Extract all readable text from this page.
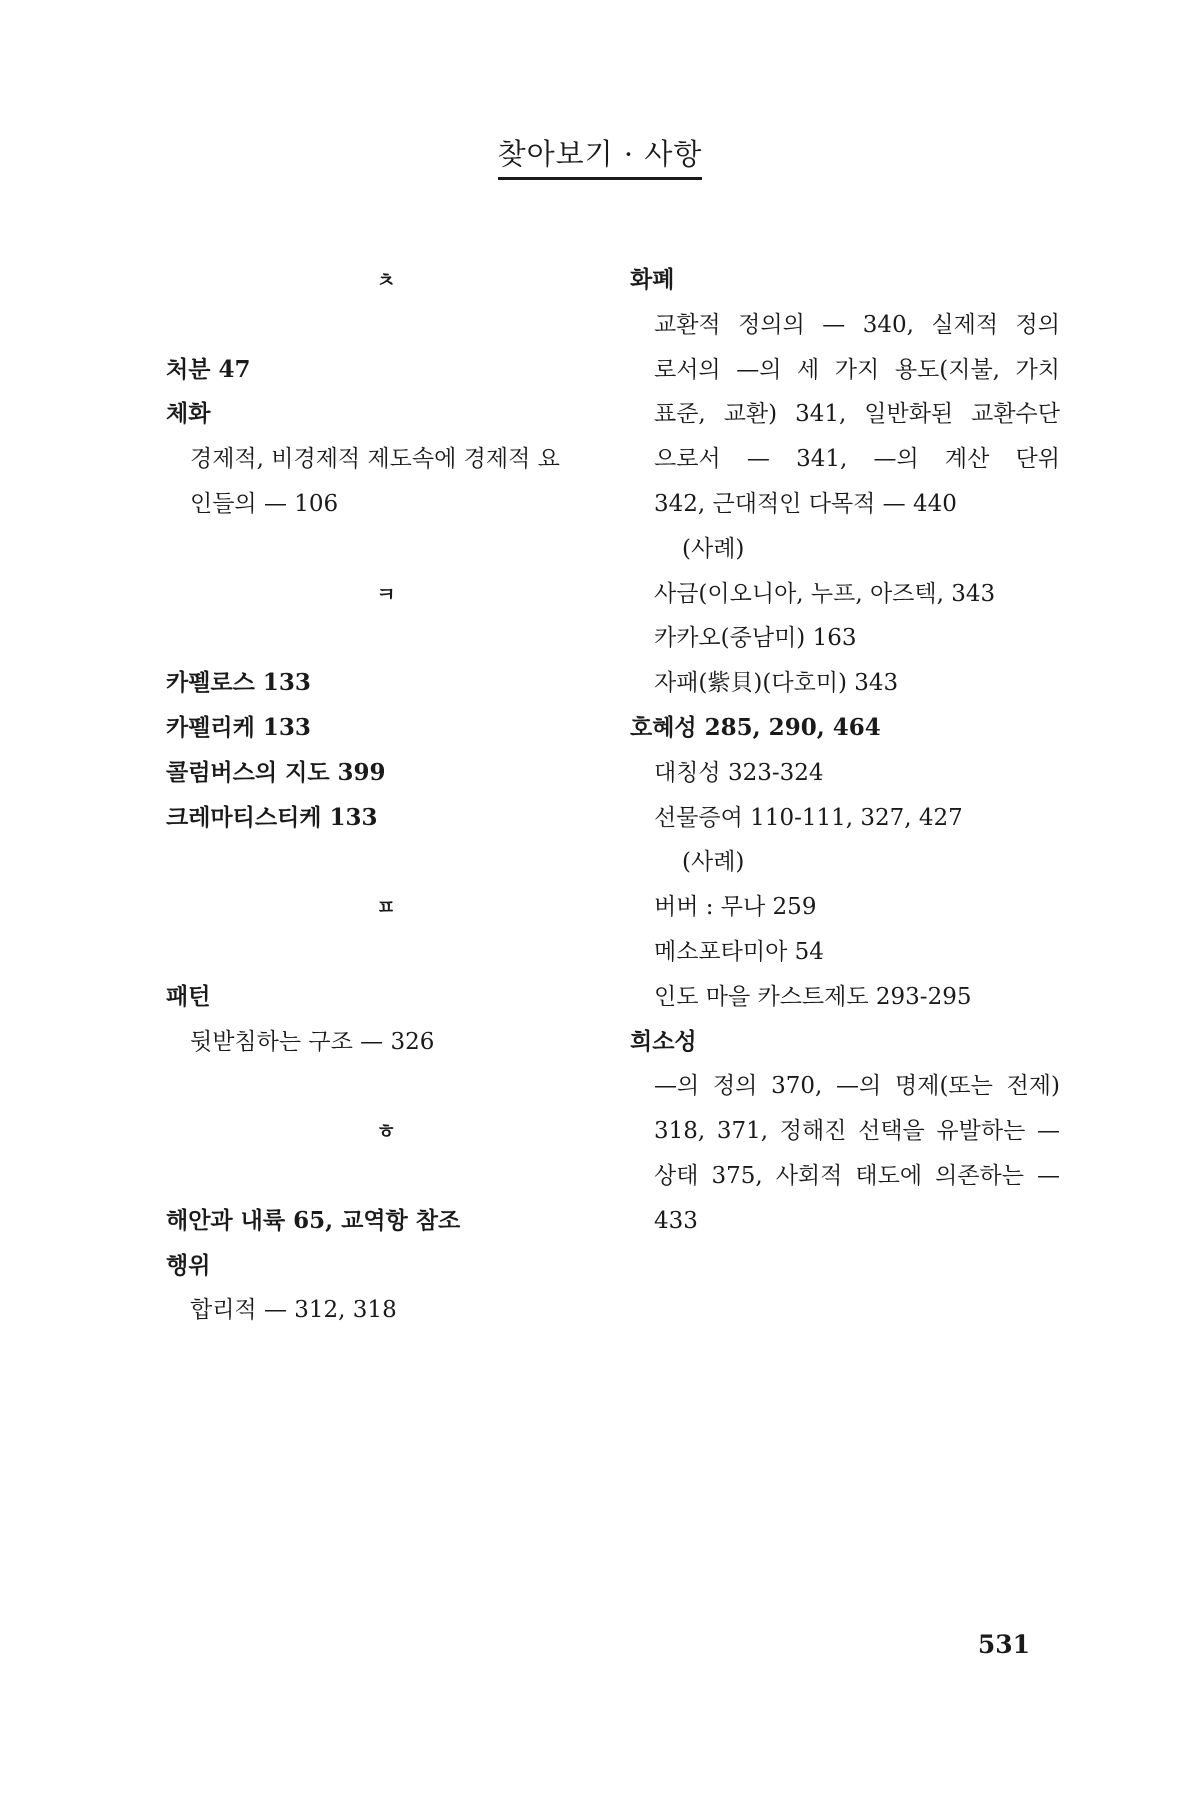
찾아보기 · 사항
ㅊ
처분 47
체화
경제적, 비경제적 제도속에 경제적 요
인들의 — 106
ㅋ
카펠로스 133
카펠리케 133
콜럼버스의 지도 399
크레마티스티케 133
ㅍ
패턴
뒷받침하는 구조 — 326
ㅎ
해안과 내륙 65, 교역항 참조
행위
합리적 — 312, 318
화폐
교환적 정의의 — 340, 실제적 정의
로서의 —의 세 가지 용도(지불, 가치
표준, 교환) 341, 일반화된 교환수단
으로서 — 341, —의 계산 단위
342, 근대적인 다목적 — 440
(사례)
사금(이오니아, 누프, 아즈텍, 343
카카오(중남미) 163
자패(紫貝)(다호미) 343
호혜성 285, 290, 464
대칭성 323-324
선물증여 110-111, 327, 427
(사례)
버버 : 무나 259
메소포타미아 54
인도 마을 카스트제도 293-295
희소성
—의 정의 370, —의 명제(또는 전제)
318, 371, 정해진 선택을 유발하는 —
상태 375, 사회적 태도에 의존하는 —
433
531
